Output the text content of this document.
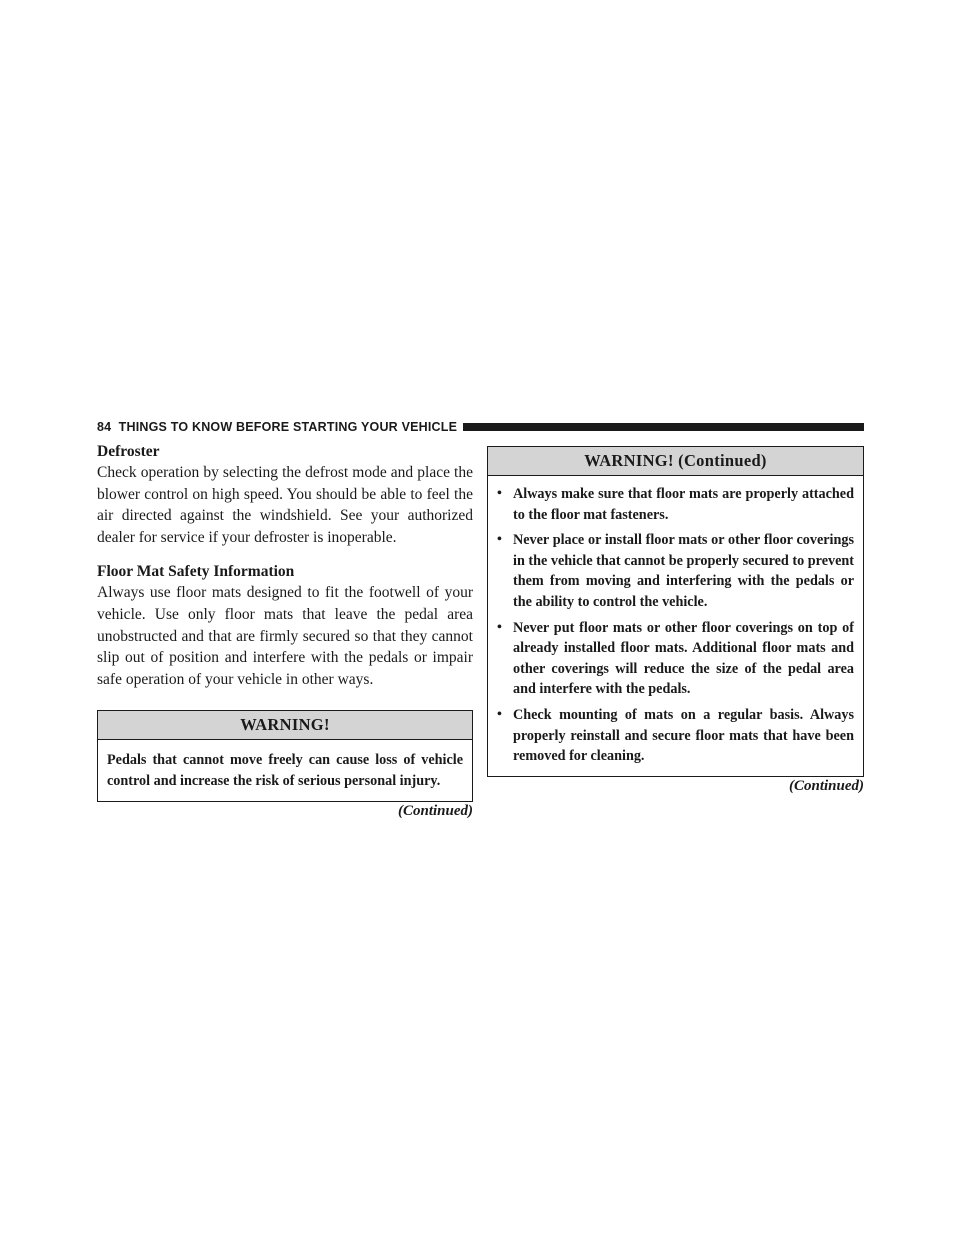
84
THINGS TO KNOW BEFORE STARTING YOUR VEHICLE

Defroster

Check operation by selecting the defrost mode and place the blower control on high speed. You should be able to feel the air directed against the windshield. See your authorized dealer for service if your defroster is inoperable.

Floor Mat Safety Information

Always use floor mats designed to fit the footwell of your vehicle. Use only floor mats that leave the pedal area unobstructed and that are firmly secured so that they cannot slip out of position and interfere with the pedals or impair safe operation of your vehicle in other ways.

WARNING!
Pedals that cannot move freely can cause loss of vehicle control and increase the risk of serious personal injury.
(Continued)
WARNING! (Continued)
• Always make sure that floor mats are properly attached to the floor mat fasteners.
• Never place or install floor mats or other floor coverings in the vehicle that cannot be properly secured to prevent them from moving and interfering with the pedals or the ability to control the vehicle.
• Never put floor mats or other floor coverings on top of already installed floor mats. Additional floor mats and other coverings will reduce the size of the pedal area and interfere with the pedals.
• Check mounting of mats on a regular basis. Always properly reinstall and secure floor mats that have been removed for cleaning.
(Continued)
